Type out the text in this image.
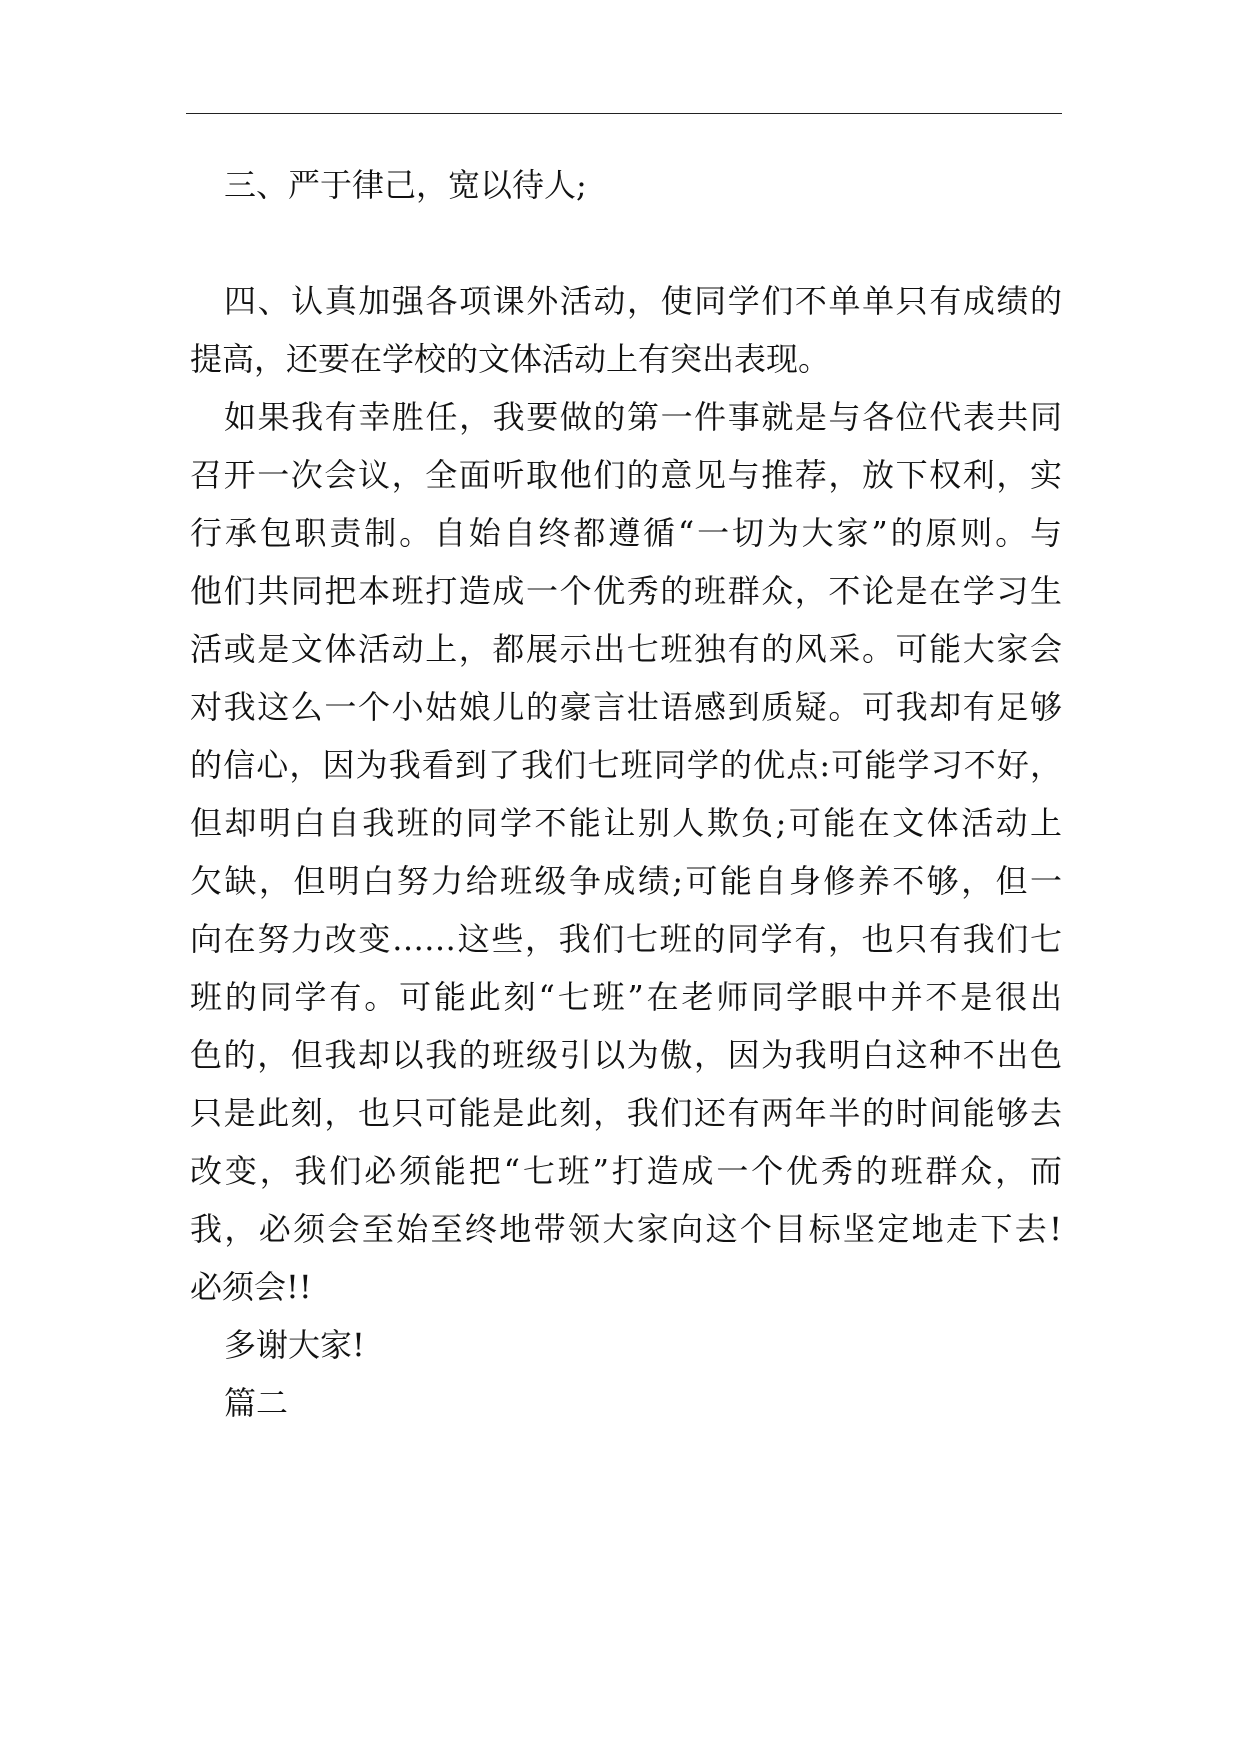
三、严于律己，宽以待人;

四、认真加强各项课外活动，使同学们不单单只有成绩的
提高，还要在学校的文体活动上有突出表现。
如果我有幸胜任，我要做的第一件事就是与各位代表共同
召开一次会议，全面听取他们的意见与推荐，放下权利，实
行承包职责制。自始自终都遵循“一切为大家”的原则。与
他们共同把本班打造成一个优秀的班群众，不论是在学习生
活或是文体活动上，都展示出七班独有的风采。可能大家会
对我这么一个小姑娘儿的豪言壮语感到质疑。可我却有足够
的信心，因为我看到了我们七班同学的优点:可能学习不好，
但却明白自我班的同学不能让别人欺负;可能在文体活动上
欠缺，但明白努力给班级争成绩;可能自身修养不够，但一
向在努力改变……这些，我们七班的同学有，也只有我们七
班的同学有。可能此刻“七班”在老师同学眼中并不是很出
色的，但我却以我的班级引以为傲，因为我明白这种不出色
只是此刻，也只可能是此刻，我们还有两年半的时间能够去
改变，我们必须能把“七班”打造成一个优秀的班群众，而
我，必须会至始至终地带领大家向这个目标坚定地走下去!
必须会!!

多谢大家!

篇二
